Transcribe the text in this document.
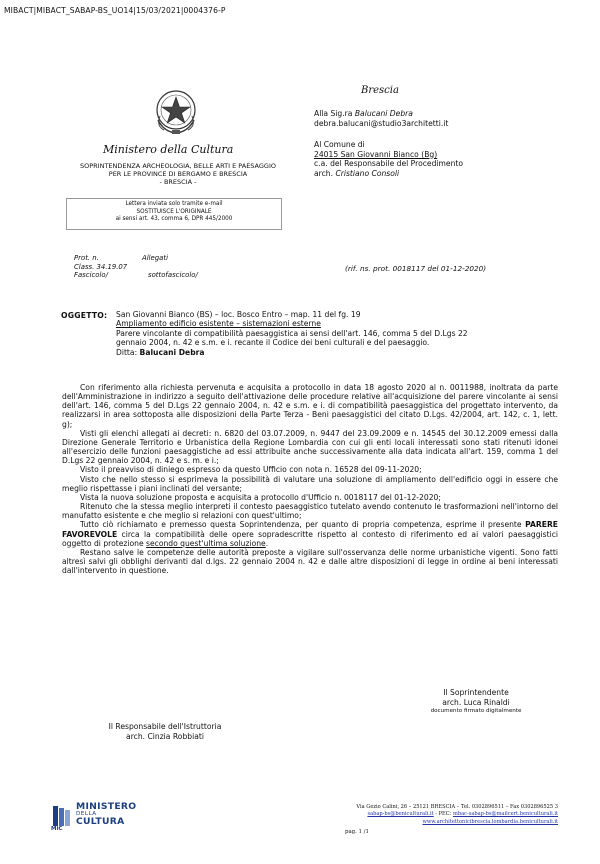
MIBACT|MIBACT_SABAP-BS_UO14|15/03/2021|0004376-P
Ministero della Cultura
SOPRINTENDENZA ARCHEOLOGIA, BELLE ARTI E PAESAGGIO
PER LE PROVINCE DI BERGAMO E BRESCIA
- BRESCIA -
Lettera inviata solo tramite e-mail
SOSTITUISCE L'ORIGINALE
ai sensi art. 43, comma 6, DPR 445/2000
Brescia
Alla Sig.ra Balucani Debra
debra.balucani@studio3architetti.it
Al Comune di
24015 San Giovanni Bianco (Bg)
c.a. del Responsabile del Procedimento
arch. Cristiano Consoli
Prot. n.	Allegati
Class. 34.19.07
Fascicolo/	sottofascicolo/
(rif. ns. prot. 0018117 del 01-12-2020)
OGGETTO: San Giovanni Bianco (BS) – loc. Bosco Entro – map. 11 del fg. 19
Ampliamento edificio esistente – sistemazioni esterne
Parere vincolante di compatibilità paesaggistica ai sensi dell'art. 146, comma 5 del D.Lgs 22
gennaio 2004, n. 42 e s.m. e i. recante il Codice dei beni culturali e del paesaggio.
Ditta: Balucani Debra

Con riferimento alla richiesta pervenuta e acquisita a protocollo in data 18 agosto 2020 al n. 0011988, inoltrata da parte dell'Amministrazione in indirizzo a seguito dell'attivazione delle procedure relative all'acquisizione del parere vincolante ai sensi dell'art. 146, comma 5 del D.Lgs 22 gennaio 2004, n. 42 e s.m. e i. di compatibilità paesaggistica del progettato intervento, da realizzarsi in area sottoposta alle disposizioni della Parte Terza - Beni paesaggistici del citato D.Lgs. 42/2004, art. 142, c. 1, lett. g);

Visti gli elenchi allegati ai decreti: n. 6820 del 03.07.2009, n. 9447 del 23.09.2009 e n. 14545 del 30.12.2009 emessi dalla Direzione Generale Territorio e Urbanistica della Regione Lombardia con cui gli enti locali interessati sono stati ritenuti idonei all'esercizio delle funzioni paesaggistiche ad essi attribuite anche successivamente alla data indicata all'art. 159, comma 1 del D.Lgs 22 gennaio 2004, n. 42 e s. m. e i.;

Visto il preavviso di diniego espresso da questo Ufficio con nota n. 16528 del 09-11-2020;

Visto che nello stesso si esprimeva la possibilità di valutare una soluzione di ampliamento dell'edificio oggi in essere che meglio rispettasse i piani inclinati del versante;

Vista la nuova soluzione proposta e acquisita a protocollo d'Ufficio n. 0018117 del 01-12-2020;

Ritenuto che la stessa meglio interpreti il contesto paesaggistico tutelato avendo contenuto le trasformazioni nell'intorno del manufatto esistente e che meglio si relazioni con quest'ultimo;

Tutto ciò richiamato e premesso questa Soprintendenza, per quanto di propria competenza, esprime il presente PARERE FAVOREVOLE circa la compatibilità delle opere sopradescritte rispetto al contesto di riferimento ed ai valori paesaggistici oggetto di protezione secondo quest'ultima soluzione.

Restano salve le competenze delle autorità preposte a vigilare sull'osservanza delle norme urbanistiche vigenti. Sono fatti altresì salvi gli obblighi derivanti dal d.lgs. 22 gennaio 2004 n. 42 e dalle altre disposizioni di legge in ordine ai beni interessati dall'intervento in questione.

Il Soprintendente
arch. Luca Rinaldi
documento firmato digitalmente
Il Responsabile dell'Istruttoria
arch. Cinzia Robbiati
MINISTERO
DELLA
CULTURA
MiC
Via Gezio Calini, 26 – 25121 BRESCIA – Tel. 0302896511 – Fax 0302896525 3
sabap-bs@beniculturali.it - PEC: mbac-sabap-bs@mailcert.beniculturali.it
www.architettonicibrescia.lombardia.beniculturali.it
pag. 1 /1
